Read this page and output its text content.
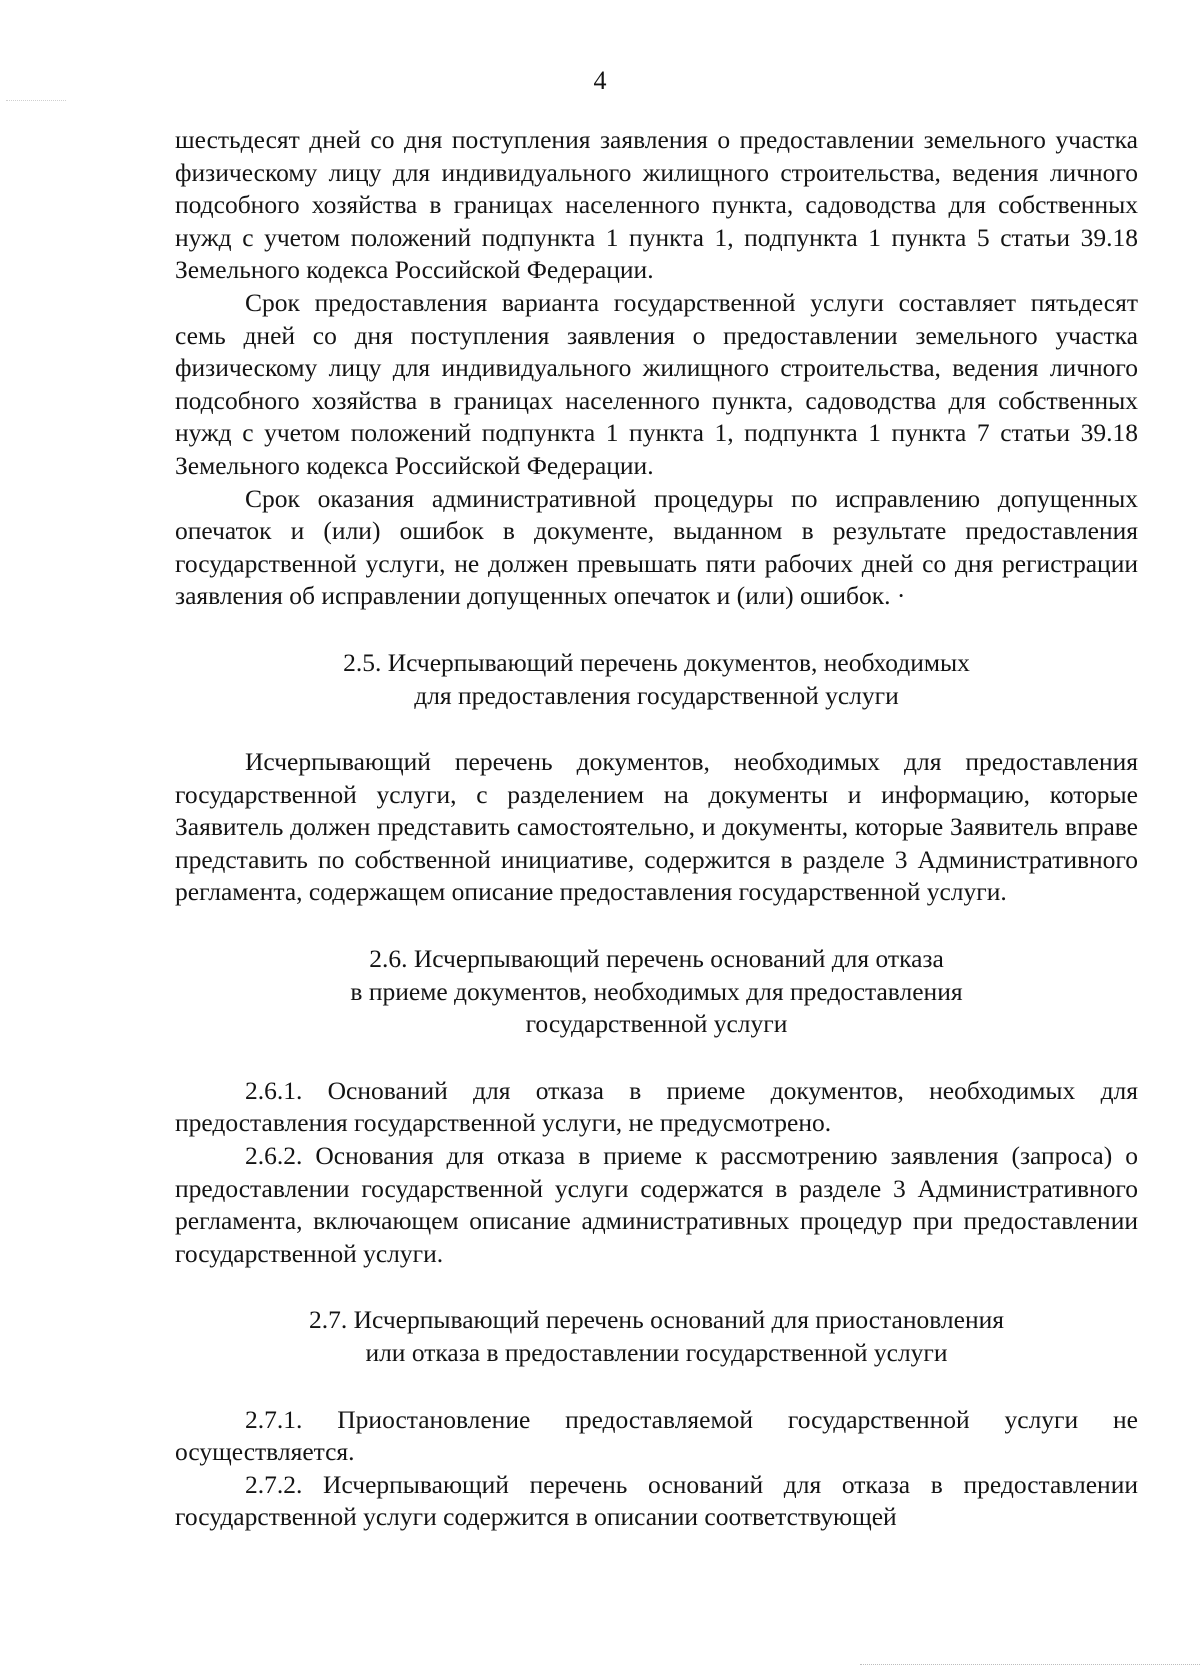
4

шестьдесят дней со дня поступления заявления о предоставлении земельного участка физическому лицу для индивидуального жилищного строительства, ведения личного подсобного хозяйства в границах населенного пункта, садоводства для собственных нужд с учетом положений подпункта 1 пункта 1, подпункта 1 пункта 5 статьи 39.18 Земельного кодекса Российской Федерации.

Срок предоставления варианта государственной услуги составляет пятьдесят семь дней со дня поступления заявления о предоставлении земельного участка физическому лицу для индивидуального жилищного строительства, ведения личного подсобного хозяйства в границах населенного пункта, садоводства для собственных нужд с учетом положений подпункта 1 пункта 1, подпункта 1 пункта 7 статьи 39.18 Земельного кодекса Российской Федерации.

Срок оказания административной процедуры по исправлению допущенных опечаток и (или) ошибок в документе, выданном в результате предоставления государственной услуги, не должен превышать пяти рабочих дней со дня регистрации заявления об исправлении допущенных опечаток и (или) ошибок. ·

2.5. Исчерпывающий перечень документов, необходимых
для предоставления государственной услуги

Исчерпывающий перечень документов, необходимых для предоставления государственной услуги, с разделением на документы и информацию, которые Заявитель должен представить самостоятельно, и документы, которые Заявитель вправе представить по собственной инициативе, содержится в разделе 3 Административного регламента, содержащем описание предоставления государственной услуги.

2.6. Исчерпывающий перечень оснований для отказа
в приеме документов, необходимых для предоставления
государственной услуги

2.6.1. Оснований для отказа в приеме документов, необходимых для предоставления государственной услуги, не предусмотрено.

2.6.2. Основания для отказа в приеме к рассмотрению заявления (запроса) о предоставлении государственной услуги содержатся в разделе 3 Административного регламента, включающем описание административных процедур при предоставлении государственной услуги.

2.7. Исчерпывающий перечень оснований для приостановления
или отказа в предоставлении государственной услуги

2.7.1. Приостановление предоставляемой государственной услуги не осуществляется.

2.7.2. Исчерпывающий перечень оснований для отказа в предоставлении государственной услуги содержится в описании соответствующей
